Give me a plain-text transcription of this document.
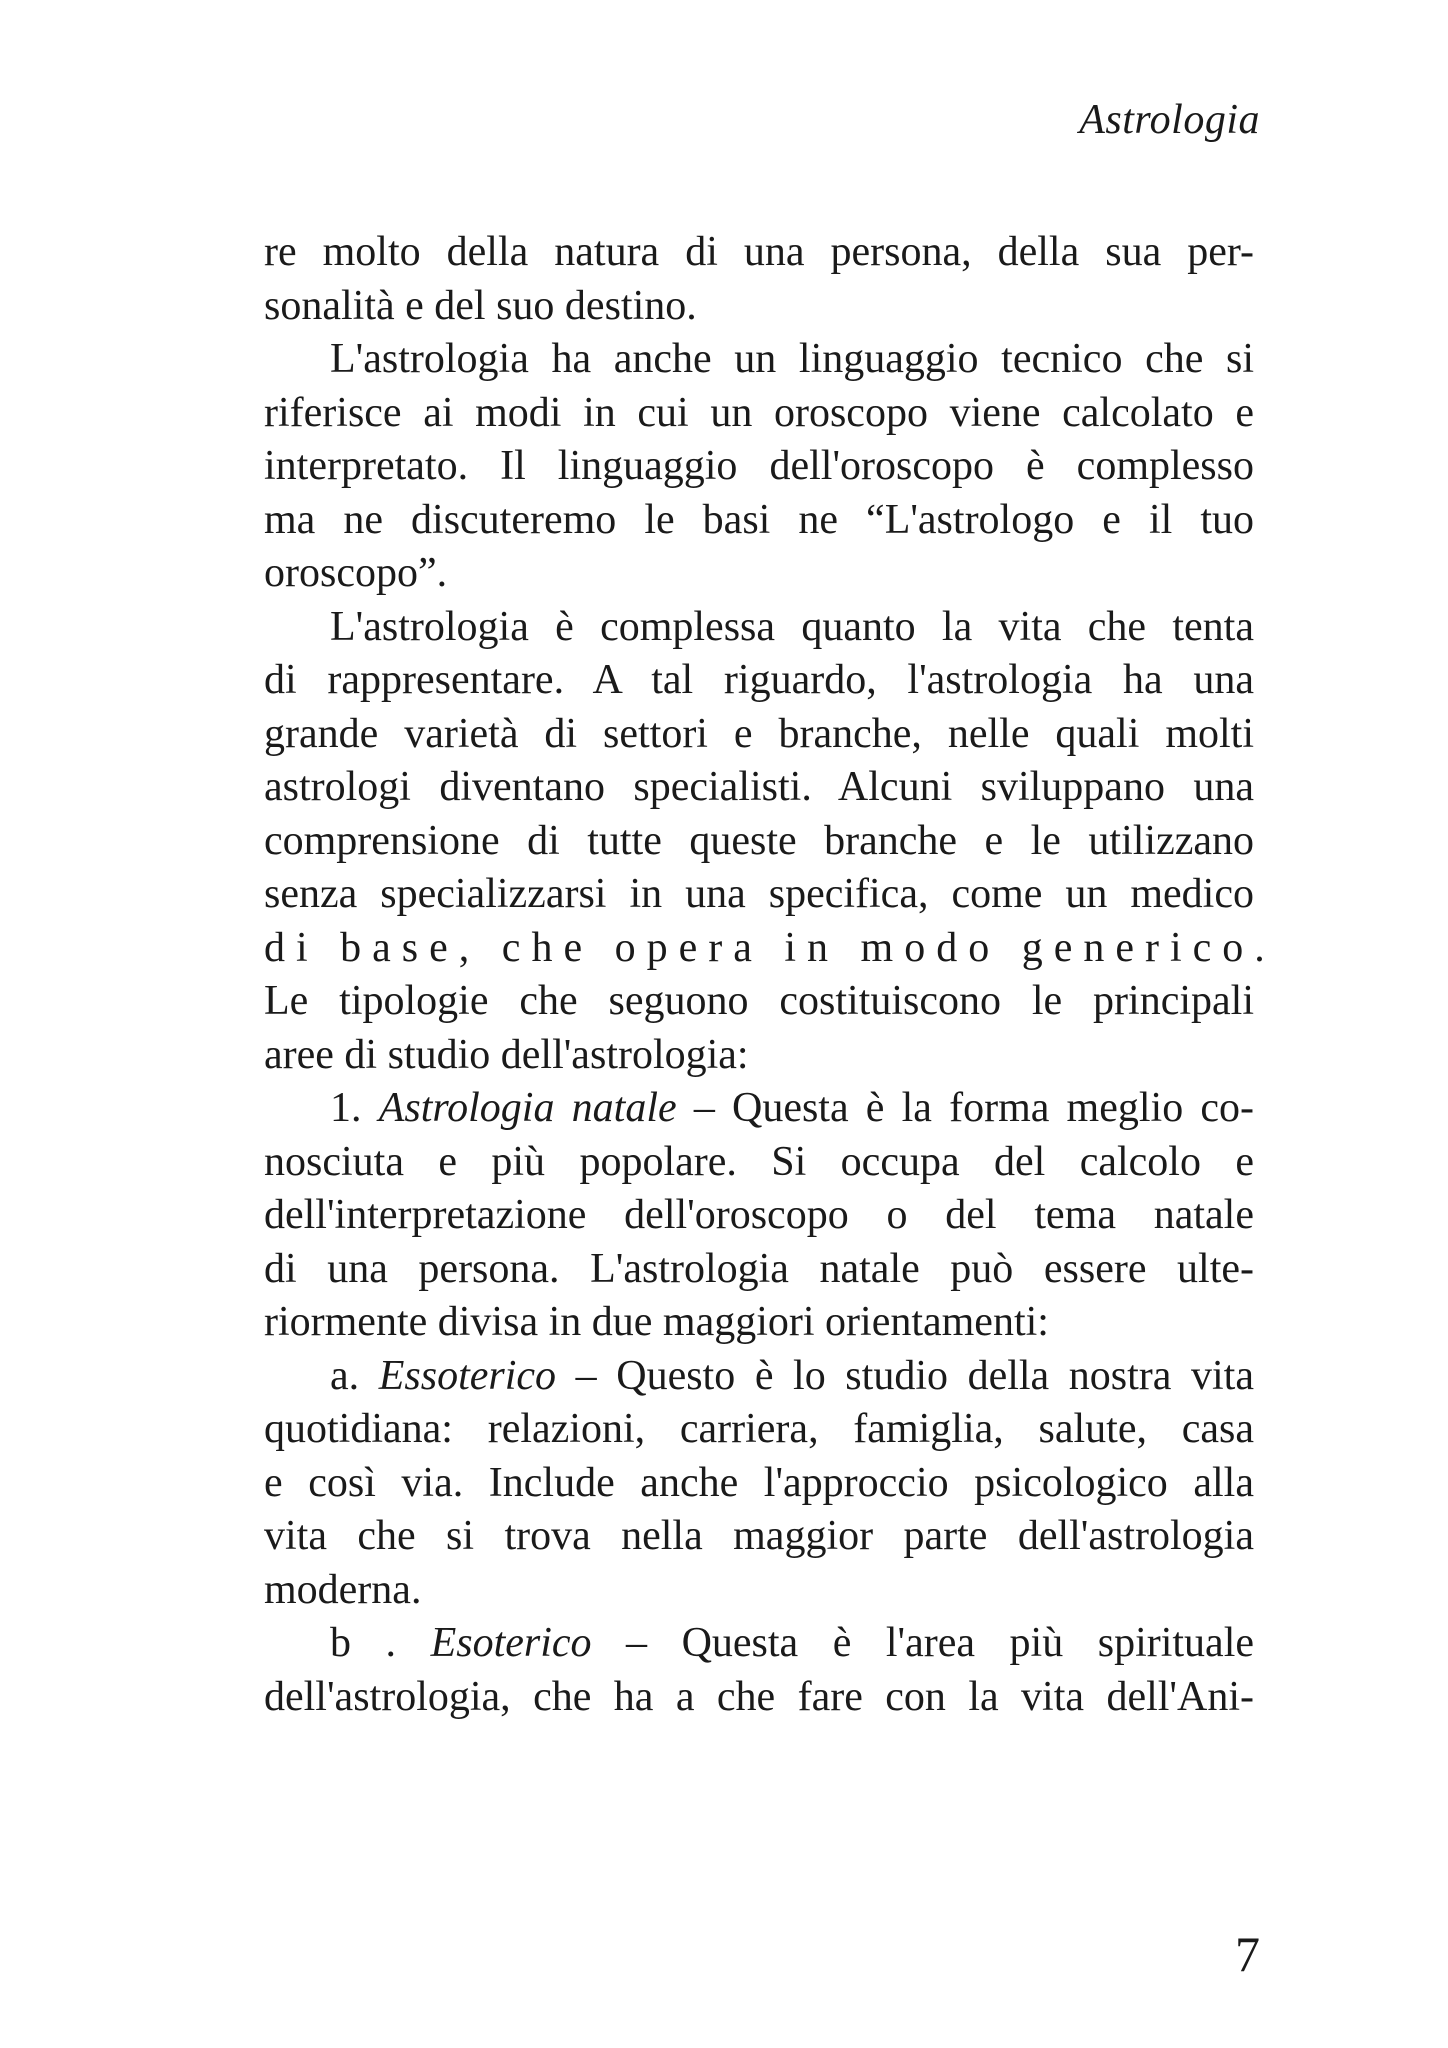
Astrologia
re molto della natura di una persona, della sua per-
sonalità e del suo destino.
L'astrologia ha anche un linguaggio tecnico che si
riferisce ai modi in cui un oroscopo viene calcolato e
interpretato. Il linguaggio dell'oroscopo è complesso
ma ne discuteremo le basi ne “L'astrologo e il tuo
oroscopo”.
L'astrologia è complessa quanto la vita che tenta
di rappresentare. A tal riguardo, l'astrologia ha una
grande varietà di settori e branche, nelle quali molti
astrologi diventano specialisti. Alcuni sviluppano una
comprensione di tutte queste branche e le utilizzano
senza specializzarsi in una specifica, come un medico
di base, che opera in modo generico.
Le tipologie che seguono costituiscono le principali
aree di studio dell'astrologia:
1. Astrologia natale – Questa è la forma meglio co-
nosciuta e più popolare. Si occupa del calcolo e
dell'interpretazione dell'oroscopo o del tema natale
di una persona. L'astrologia natale può essere ulte-
riormente divisa in due maggiori orientamenti:
a. Essoterico – Questo è lo studio della nostra vita
quotidiana: relazioni, carriera, famiglia, salute, casa
e così via. Include anche l'approccio psicologico alla
vita che si trova nella maggior parte dell'astrologia
moderna.
b . Esoterico – Questa è l'area più spirituale
dell'astrologia, che ha a che fare con la vita dell'Ani-
7
